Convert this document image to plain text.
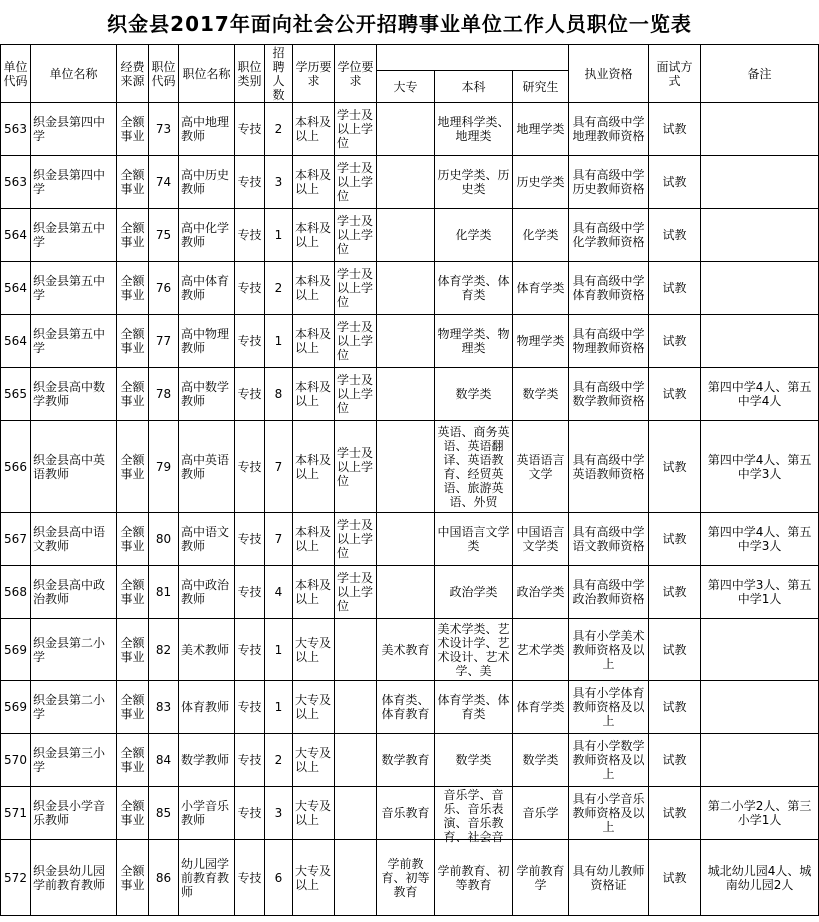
织金县2017年面向社会公开招聘事业单位工作人员职位一览表
单位代码	单位名称	经费来源	职位代码	职位名称	职位类别	招聘人数	学历要求	学位要求				执业资格	面试方式	备注
									大专	本科	研究生			

563	织金县第四中学	全额事业	73	高中地理教师	专技	2	本科及以上	学士及以上学位		地理科学类、地理类	地理学类	具有高级中学地理教师资格	试教	

563	织金县第四中学	全额事业	74	高中历史教师	专技	3	本科及以上	学士及以上学位		历史学类、历史类	历史学类	具有高级中学历史教师资格	试教	

564	织金县第五中学	全额事业	75	高中化学教师	专技	1	本科及以上	学士及以上学位		化学类	化学类	具有高级中学化学教师资格	试教	

564	织金县第五中学	全额事业	76	高中体育教师	专技	2	本科及以上	学士及以上学位		体育学类、体育类	体育学类	具有高级中学体育教师资格	试教	

564	织金县第五中学	全额事业	77	高中物理教师	专技	1	本科及以上	学士及以上学位		物理学类、物理类	物理学类	具有高级中学物理教师资格	试教	

565	织金县高中数学教师	全额事业	78	高中数学教师	专技	8	本科及以上	学士及以上学位		数学类	数学类	具有高级中学数学教师资格	试教	第四中学4人、第五中学4人

566	织金县高中英语教师	全额事业	79	高中英语教师	专技	7	本科及以上	学士及以上学位		英语、商务英语、英语翻译、英语教育、经贸英语、旅游英语、外贸	英语语言文学	具有高级中学英语教师资格	试教	第四中学4人、第五中学3人

567	织金县高中语文教师	全额事业	80	高中语文教师	专技	7	本科及以上	学士及以上学位		中国语言文学类	中国语言文学类	具有高级中学语文教师资格	试教	第四中学4人、第五中学3人

568	织金县高中政治教师	全额事业	81	高中政治教师	专技	4	本科及以上	学士及以上学位		政治学类	政治学类	具有高级中学政治教师资格	试教	第四中学3人、第五中学1人

569	织金县第二小学	全额事业	82	美术教师	专技	1	大专及以上		美术教育	美术学类、艺术设计学、艺术设计、艺术学、美	艺术学类	具有小学美术教师资格及以上	试教	

569	织金县第二小学	全额事业	83	体育教师	专技	1	大专及以上		体育类、体育教育	体育学类、体育类	体育学类	具有小学体育教师资格及以上	试教	

570	织金县第三小学	全额事业	84	数学教师	专技	2	大专及以上		数学教育	数学类	数学类	具有小学数学教师资格及以上	试教	

571	织金县小学音乐教师	全额事业	85	小学音乐教师	专技	3	大专及以上		音乐教育	音乐学、音乐、音乐表演、音乐教育、社会音	音乐学	具有小学音乐教师资格及以上	试教	第二小学2人、第三小学1人

572	织金县幼儿园学前教育教师	全额事业	86	幼儿园学前教育教师	专技	6	大专及以上		学前教育、初等教育	学前教育、初等教育	学前教育学	具有幼儿教师资格证	试教	城北幼儿园4人、城南幼儿园2人
